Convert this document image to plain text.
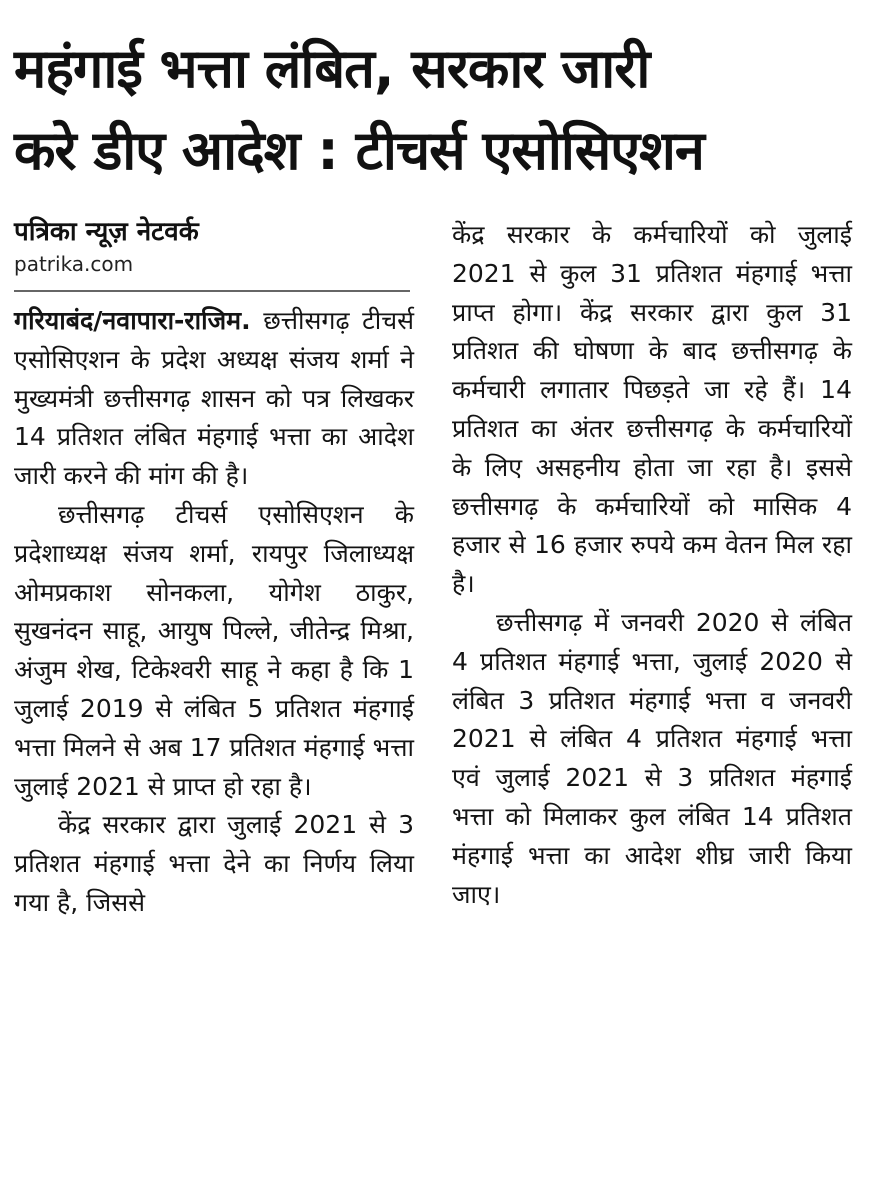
महंगाई भत्ता लंबित, सरकार जारी
करे डीए आदेश : टीचर्स एसोसिएशन
पत्रिका न्यूज़ नेटवर्क
patrika.com

गरियाबंद/नवापारा-राजिम. छत्तीसगढ़ टीचर्स एसोसिएशन के प्रदेश अध्यक्ष संजय शर्मा ने मुख्यमंत्री छत्तीसगढ़ शासन को पत्र लिखकर 14 प्रतिशत लंबित मंहगाई भत्ता का आदेश जारी करने की मांग की है।

छत्तीसगढ़ टीचर्स एसोसिएशन के प्रदेशाध्यक्ष संजय शर्मा, रायपुर जिलाध्यक्ष ओमप्रकाश सोनकला, योगेश ठाकुर, सुखनंदन साहू, आयुष पिल्ले, जीतेन्द्र मिश्रा, अंजुम शेख, टिकेश्वरी साहू ने कहा है कि 1 जुलाई 2019 से लंबित 5 प्रतिशत मंहगाई भत्ता मिलने से अब 17 प्रतिशत मंहगाई भत्ता जुलाई 2021 से प्राप्त हो रहा है।

केंद्र सरकार द्वारा जुलाई 2021 से 3 प्रतिशत मंहगाई भत्ता देने का निर्णय लिया गया है, जिससे

केंद्र सरकार के कर्मचारियों को जुलाई 2021 से कुल 31 प्रतिशत मंहगाई भत्ता प्राप्त होगा। केंद्र सरकार द्वारा कुल 31 प्रतिशत की घोषणा के बाद छत्तीसगढ़ के कर्मचारी लगातार पिछड़ते जा रहे हैं। 14 प्रतिशत का अंतर छत्तीसगढ़ के कर्मचारियों के लिए असहनीय होता जा रहा है। इससे छत्तीसगढ़ के कर्मचारियों को मासिक 4 हजार से 16 हजार रुपये कम वेतन मिल रहा है।

छत्तीसगढ़ में जनवरी 2020 से लंबित 4 प्रतिशत मंहगाई भत्ता, जुलाई 2020 से लंबित 3 प्रतिशत मंहगाई भत्ता व जनवरी 2021 से लंबित 4 प्रतिशत मंहगाई भत्ता एवं जुलाई 2021 से 3 प्रतिशत मंहगाई भत्ता को मिलाकर कुल लंबित 14 प्रतिशत मंहगाई भत्ता का आदेश शीघ्र जारी किया जाए।
